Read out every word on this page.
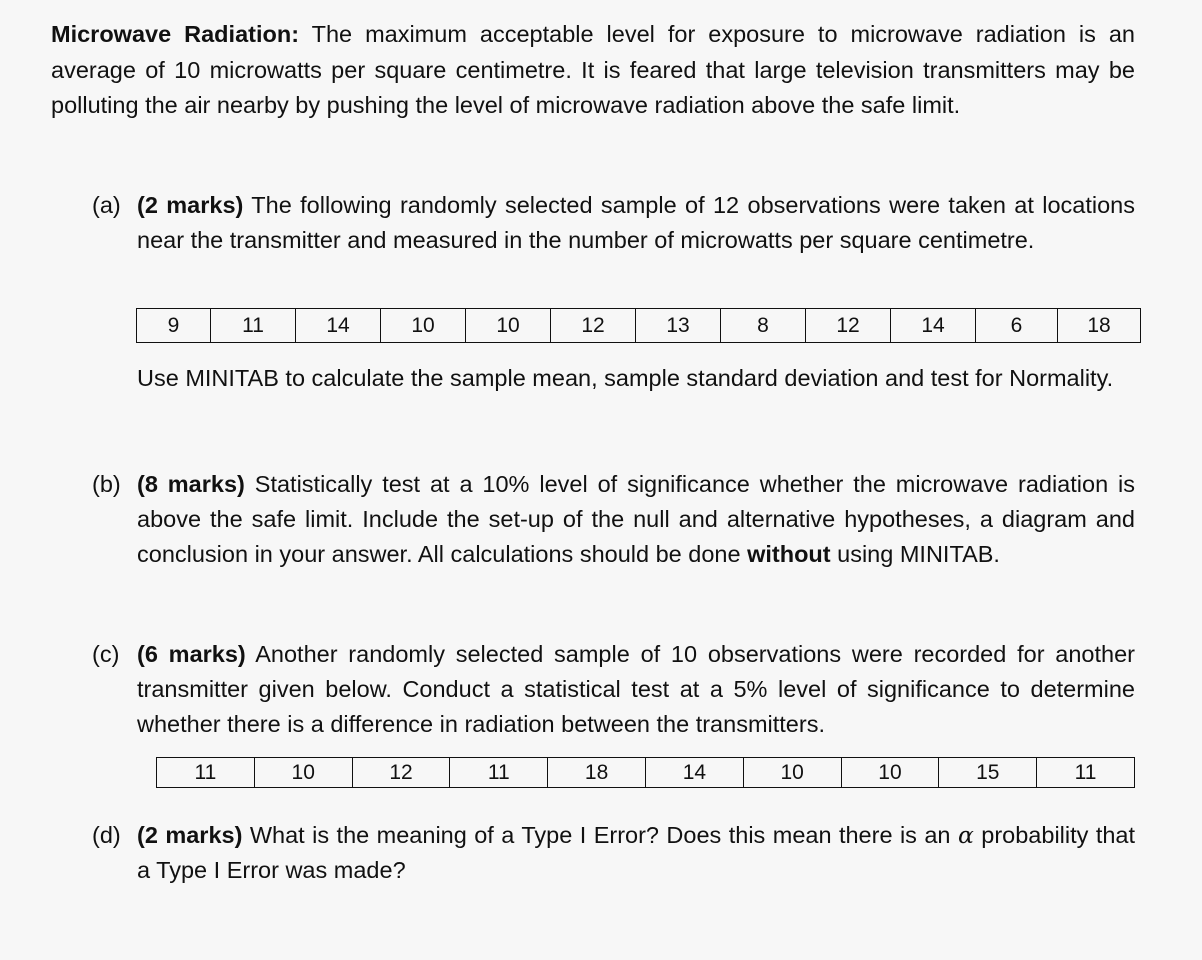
Microwave Radiation: The maximum acceptable level for exposure to microwave radiation is an average of 10 microwatts per square centimetre. It is feared that large television transmitters may be polluting the air nearby by pushing the level of microwave radiation above the safe limit.
(a) (2 marks) The following randomly selected sample of 12 observations were taken at locations near the transmitter and measured in the number of microwatts per square centimetre.
9	11	14	10	10	12	13	8	12	14	6	18
Use MINITAB to calculate the sample mean, sample standard deviation and test for Normality.
(b) (8 marks) Statistically test at a 10% level of significance whether the microwave radiation is above the safe limit. Include the set-up of the null and alternative hypotheses, a diagram and conclusion in your answer. All calculations should be done without using MINITAB.
(c) (6 marks) Another randomly selected sample of 10 observations were recorded for another transmitter given below. Conduct a statistical test at a 5% level of significance to determine whether there is a difference in radiation between the transmitters.
11	10	12	11	18	14	10	10	15	11
(d) (2 marks) What is the meaning of a Type I Error? Does this mean there is an α probability that a Type I Error was made?
